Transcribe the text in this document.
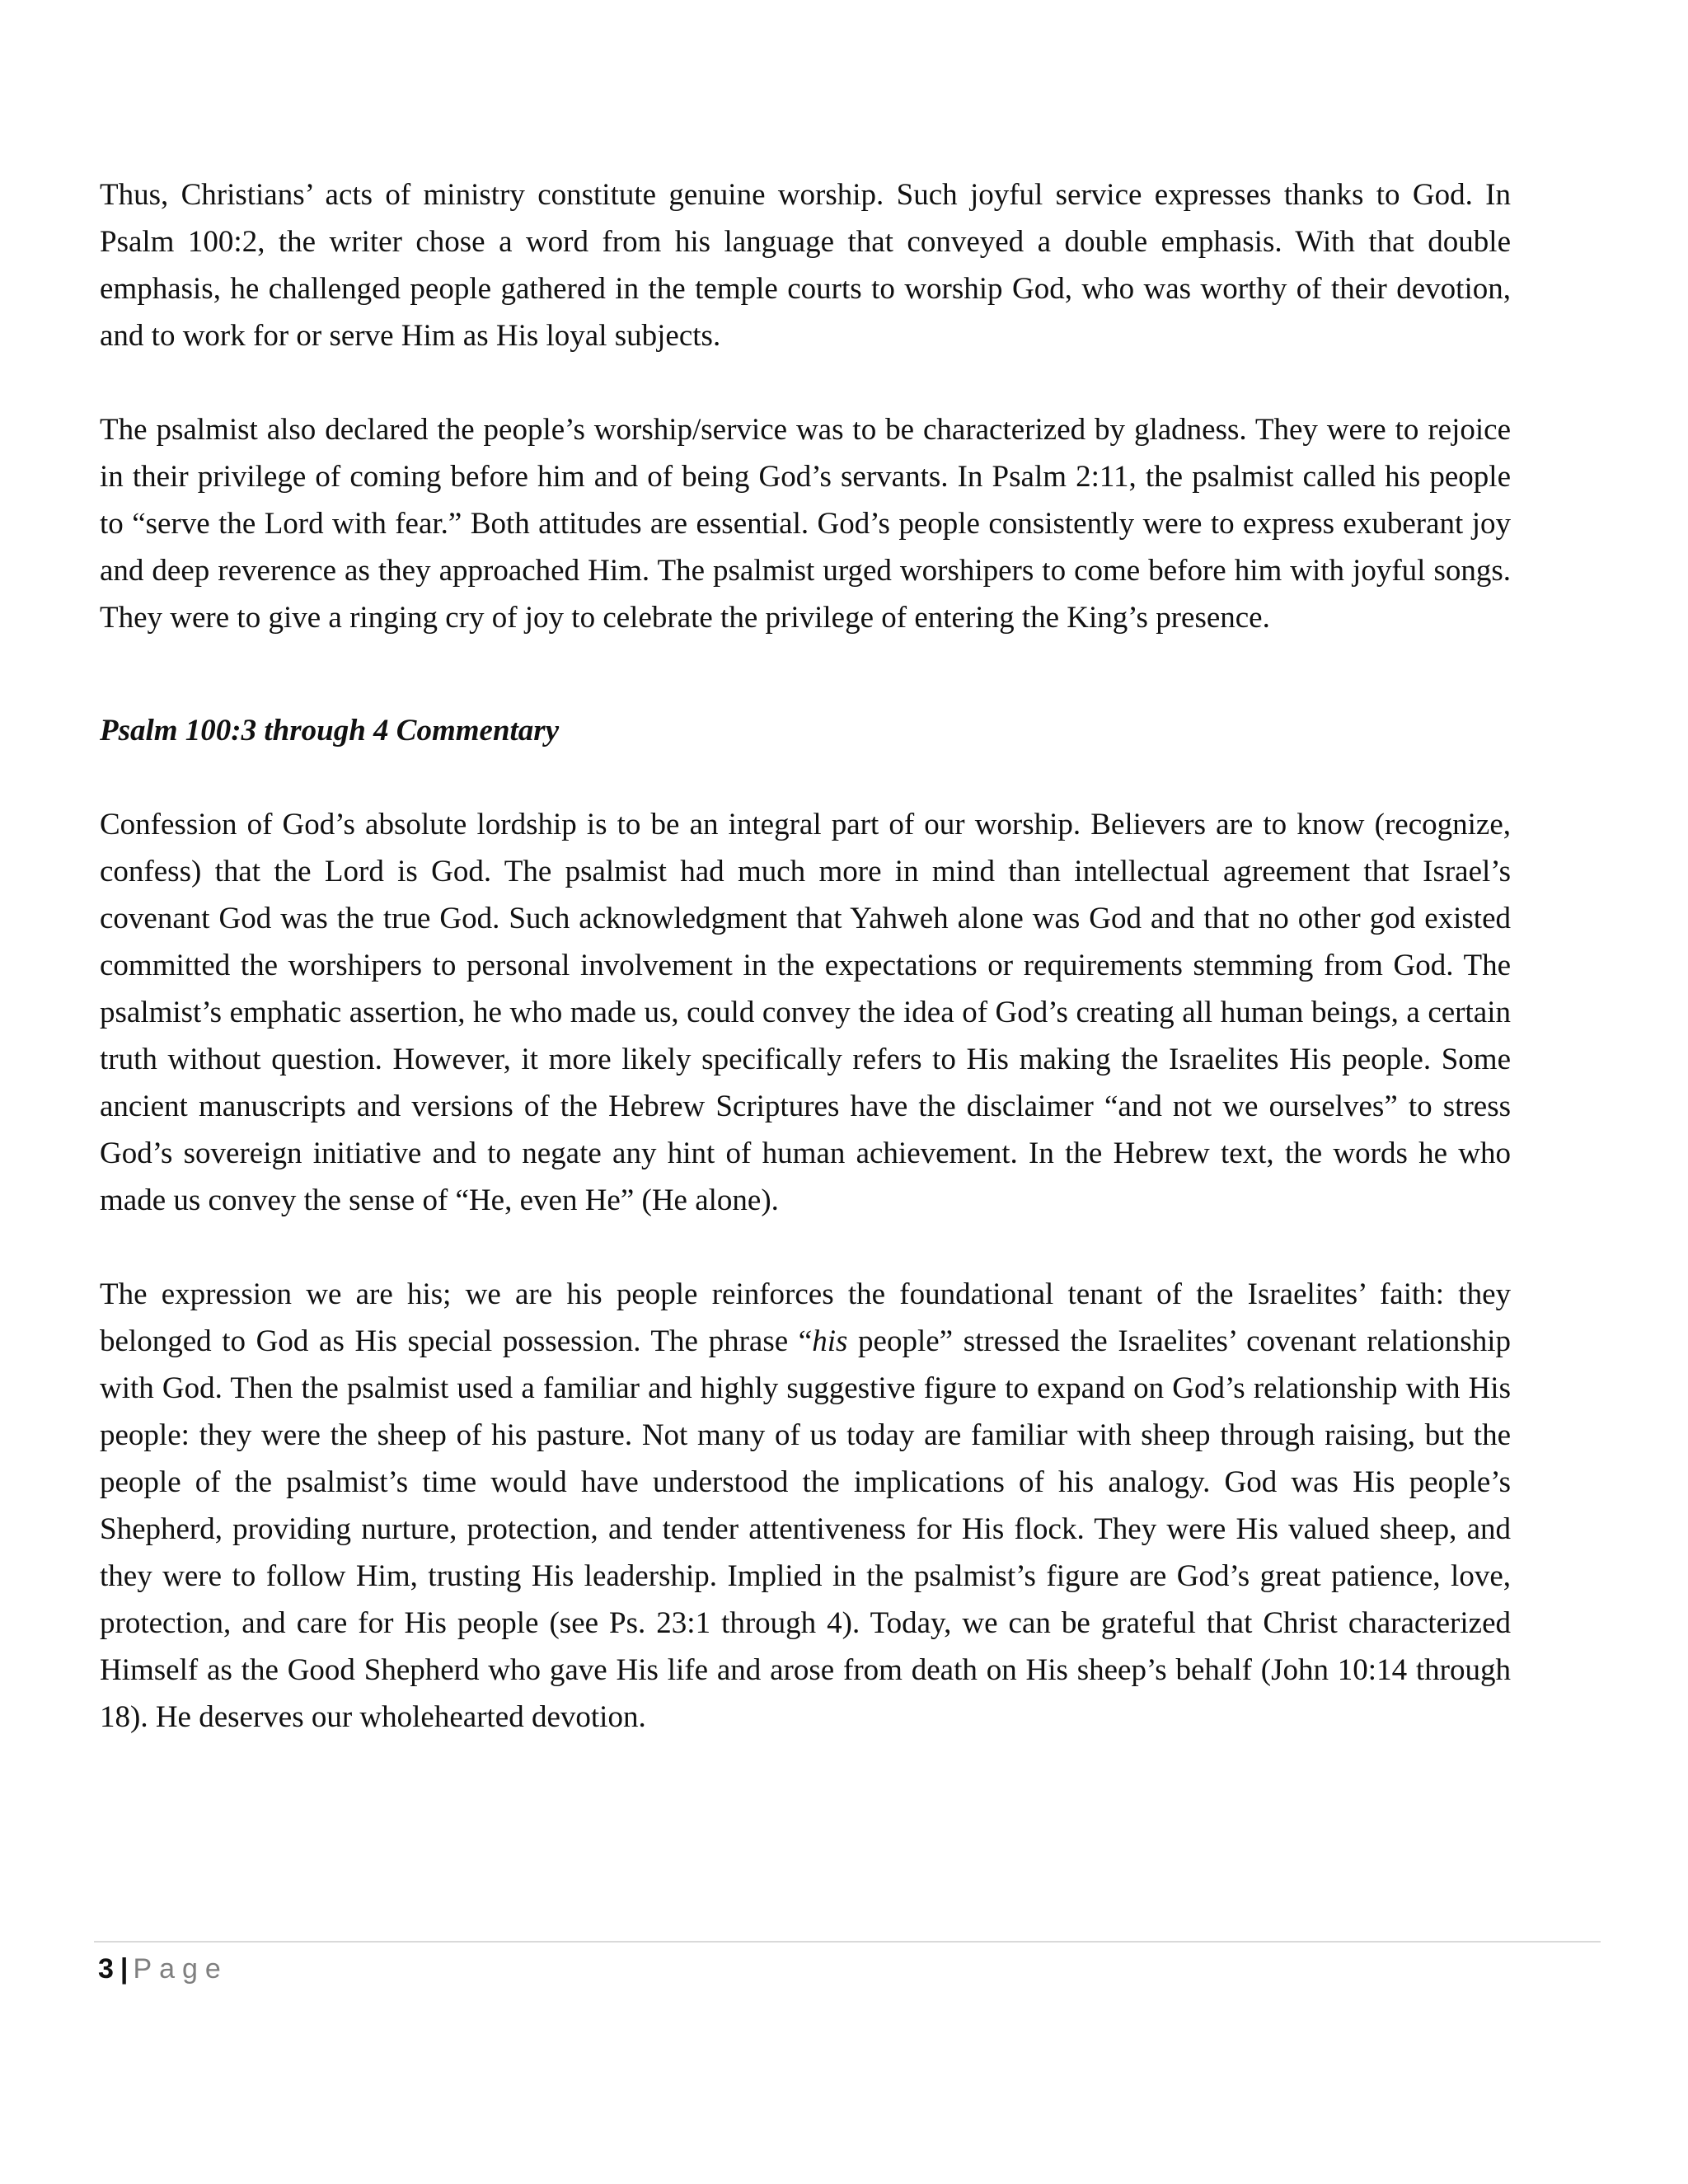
Thus, Christians’ acts of ministry constitute genuine worship. Such joyful service expresses thanks to God. In Psalm 100:2, the writer chose a word from his language that conveyed a double emphasis. With that double emphasis, he challenged people gathered in the temple courts to worship God, who was worthy of their devotion, and to work for or serve Him as His loyal subjects.

The psalmist also declared the people’s worship/service was to be characterized by gladness. They were to rejoice in their privilege of coming before him and of being God’s servants. In Psalm 2:11, the psalmist called his people to “serve the Lord with fear.” Both attitudes are essential. God’s people consistently were to express exuberant joy and deep reverence as they approached Him. The psalmist urged worshipers to come before him with joyful songs. They were to give a ringing cry of joy to celebrate the privilege of entering the King’s presence.

Psalm 100:3 through 4 Commentary

Confession of God’s absolute lordship is to be an integral part of our worship. Believers are to know (recognize, confess) that the Lord is God. The psalmist had much more in mind than intellectual agreement that Israel’s covenant God was the true God. Such acknowledgment that Yahweh alone was God and that no other god existed committed the worshipers to personal involvement in the expectations or requirements stemming from God. The psalmist’s emphatic assertion, he who made us, could convey the idea of God’s creating all human beings, a certain truth without question. However, it more likely specifically refers to His making the Israelites His people. Some ancient manuscripts and versions of the Hebrew Scriptures have the disclaimer “and not we ourselves” to stress God’s sovereign initiative and to negate any hint of human achievement. In the Hebrew text, the words he who made us convey the sense of “He, even He” (He alone).

The expression we are his; we are his people reinforces the foundational tenant of the Israelites’ faith: they belonged to God as His special possession. The phrase “his people” stressed the Israelites’ covenant relationship with God. Then the psalmist used a familiar and highly suggestive figure to expand on God’s relationship with His people: they were the sheep of his pasture. Not many of us today are familiar with sheep through raising, but the people of the psalmist’s time would have understood the implications of his analogy. God was His people’s Shepherd, providing nurture, protection, and tender attentiveness for His flock. They were His valued sheep, and they were to follow Him, trusting His leadership. Implied in the psalmist’s figure are God’s great patience, love, protection, and care for His people (see Ps. 23:1 through 4). Today, we can be grateful that Christ characterized Himself as the Good Shepherd who gave His life and arose from death on His sheep’s behalf (John 10:14 through 18). He deserves our wholehearted devotion.

3 | Page
